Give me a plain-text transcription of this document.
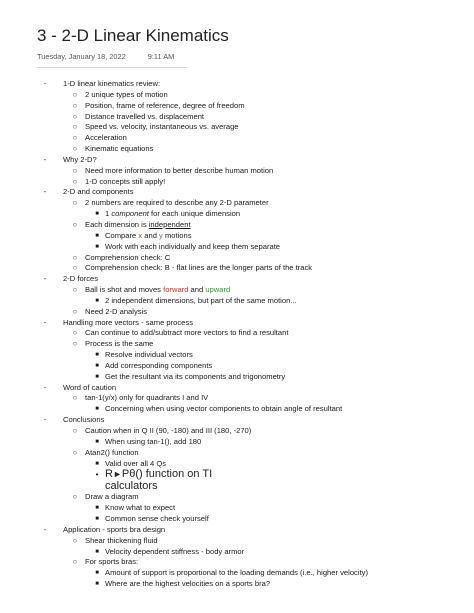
3 - 2-D Linear Kinematics
Tuesday, January 18, 2022	9:11 AM
-	1-D linear kinematics review:
○	2 unique types of motion
○	Position, frame of reference, degree of freedom
○	Distance travelled vs. displacement
○	Speed vs. velocity, instantaneous vs. average
○	Acceleration
○	Kinematic equations
-	Why 2-D?
○	Need more information to better describe human motion
○	1-D concepts still apply!
-	2-D and components
○	2 numbers are required to describe any 2-D parameter
■ 1 component for each unique dimension
○	Each dimension is independent
■ Compare x and y motions
■ Work with each individually and keep them separate
○	Comprehension check: C
○	Comprehension check: B - flat lines are the longer parts of the track
-	2-D forces
○	Ball is shot and moves forward and upward
■ 2 independent dimensions, but part of the same motion...
○	Need 2-D analysis
-	Handling more vectors - same process
○	Can continue to add/subtract more vectors to find a resultant
○	Process is the same
■ Resolve individual vectors
■ Add corresponding components
■ Get the resultant via its components and trigonometry
-	Word of caution
○	tan-1(y/x) only for quadrants I and IV
■ Concerning when using vector components to obtain angle of resultant
-	Conclusions
○	Caution when in Q II (90, -180) and III (180, -270)
■ When using tan-1(), add 180
○	Atan2() function
■ Valid over all 4 Qs
• R►Pθ() function on TI
calculators
○	Draw a diagram
■ Know what to expect
■ Common sense check yourself
-	Application - sports bra design
○	Shear thickening fluid
■ Velocity dependent stiffness - body armor
○	For sports bras:
■ Amount of support is proportional to the loading demands (i.e., higher velocity)
■ Where are the highest velocities on a sports bra?
